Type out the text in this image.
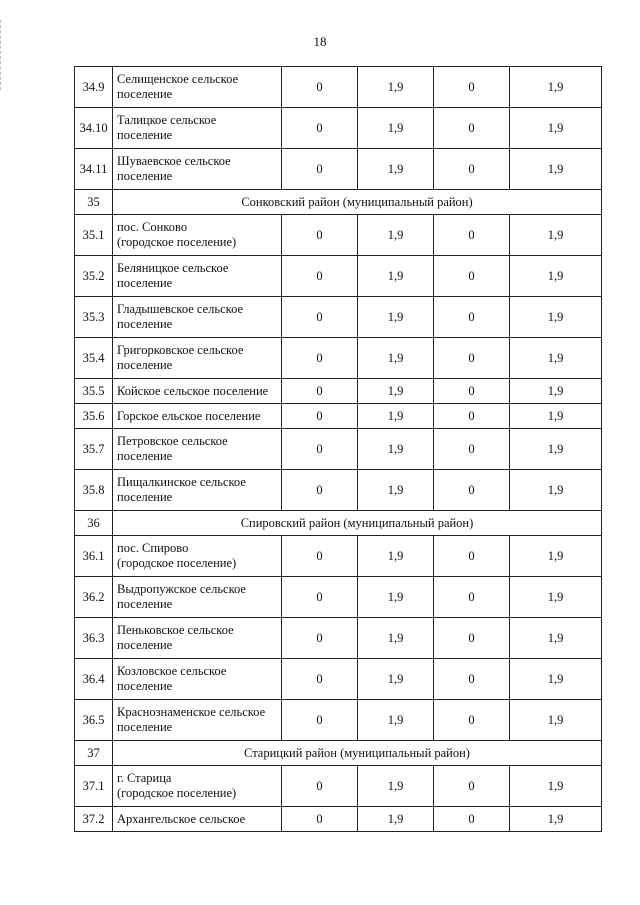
18
34.9	Селищенское сельское
поселение	0	1,9	0	1,9
34.10	Талицкое сельское
поселение	0	1,9	0	1,9
34.11	Шуваевское сельское
поселение	0	1,9	0	1,9
35	Сонковский район (муниципальный район)				
35.1	пос. Сонково
(городское поселение)	0	1,9	0	1,9
35.2	Беляницкое сельское
поселение	0	1,9	0	1,9
35.3	Гладышевское сельское
поселение	0	1,9	0	1,9
35.4	Григорковское сельское
поселение	0	1,9	0	1,9
35.5	Койское сельское поселение	0	1,9	0	1,9
35.6	Горское ельское поселение	0	1,9	0	1,9
35.7	Петровское сельское
поселение	0	1,9	0	1,9
35.8	Пищалкинское сельское
поселение	0	1,9	0	1,9
36	Спировский район (муниципальный район)				
36.1	пос. Спирово
(городское поселение)	0	1,9	0	1,9
36.2	Выдропужское сельское
поселение	0	1,9	0	1,9
36.3	Пеньковское сельское
поселение	0	1,9	0	1,9
36.4	Козловское сельское
поселение	0	1,9	0	1,9
36.5	Краснознаменское сельское
поселение	0	1,9	0	1,9
37	Старицкий район (муниципальный район)				
37.1	г. Старица
(городское поселение)	0	1,9	0	1,9
37.2	Архангельское сельское	0	1,9	0	1,9
